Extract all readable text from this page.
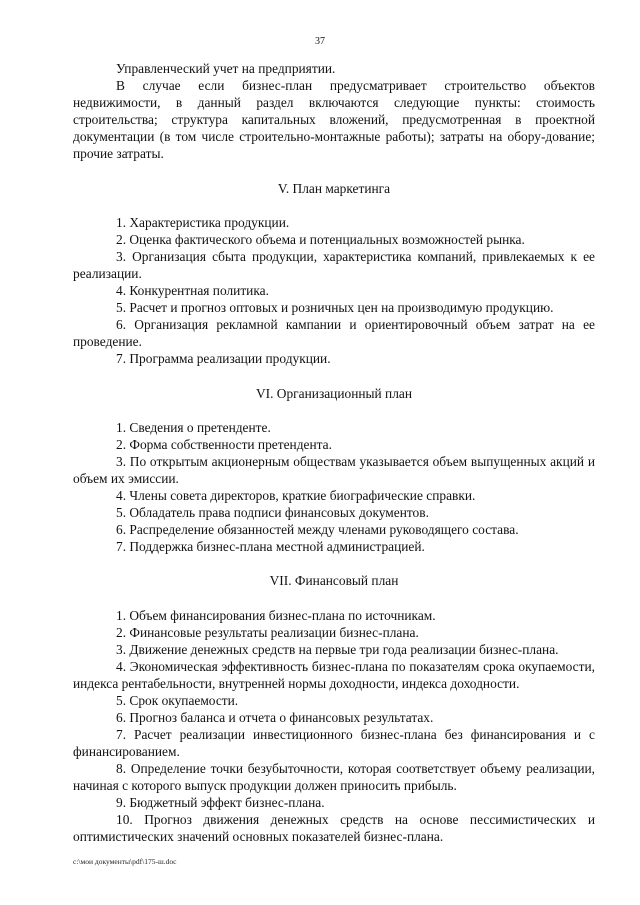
37

Управленческий учет на предприятии.

В случае если бизнес-план предусматривает строительство объектов недвижимости, в данный раздел включаются следующие пункты: стоимость строительства; структура капитальных вложений, предусмотренная в проектной документации (в том числе строительно-монтажные работы); затраты на обору-дование; прочие затраты.

V. План маркетинга

1. Характеристика продукции.

2. Оценка фактического объема и потенциальных возможностей рынка.

3. Организация сбыта продукции, характеристика компаний, привлекаемых к ее реализации.

4. Конкурентная политика.

5. Расчет и прогноз оптовых и розничных цен на производимую продукцию.

6. Организация рекламной кампании и ориентировочный объем затрат на ее проведение.

7. Программа реализации продукции.

VI. Организационный план

1. Сведения о претенденте.

2. Форма собственности претендента.

3. По открытым акционерным обществам указывается объем выпущенных акций и объем их эмиссии.

4. Члены совета директоров, краткие биографические справки.

5. Обладатель права подписи финансовых документов.

6. Распределение обязанностей между членами руководящего состава.

7. Поддержка бизнес-плана местной администрацией.

VII. Финансовый план

1. Объем финансирования бизнес-плана по источникам.

2. Финансовые результаты реализации бизнес-плана.

3. Движение денежных средств на первые три года реализации бизнес-плана.

4. Экономическая эффективность бизнес-плана по показателям срока окупаемости, индекса рентабельности, внутренней нормы доходности, индекса доходности.

5. Срок окупаемости.

6. Прогноз баланса и отчета о финансовых результатах.

7. Расчет реализации инвестиционного бизнес-плана без финансирования и с финансированием.

8. Определение точки безубыточности, которая соответствует объему реализации, начиная с которого выпуск продукции должен приносить прибыль.

9. Бюджетный эффект бизнес-плана.

10. Прогноз движения денежных средств на основе пессимистических и оптимистических значений основных показателей бизнес-плана.

c:\мои документы\pdf\175-ш.doc
